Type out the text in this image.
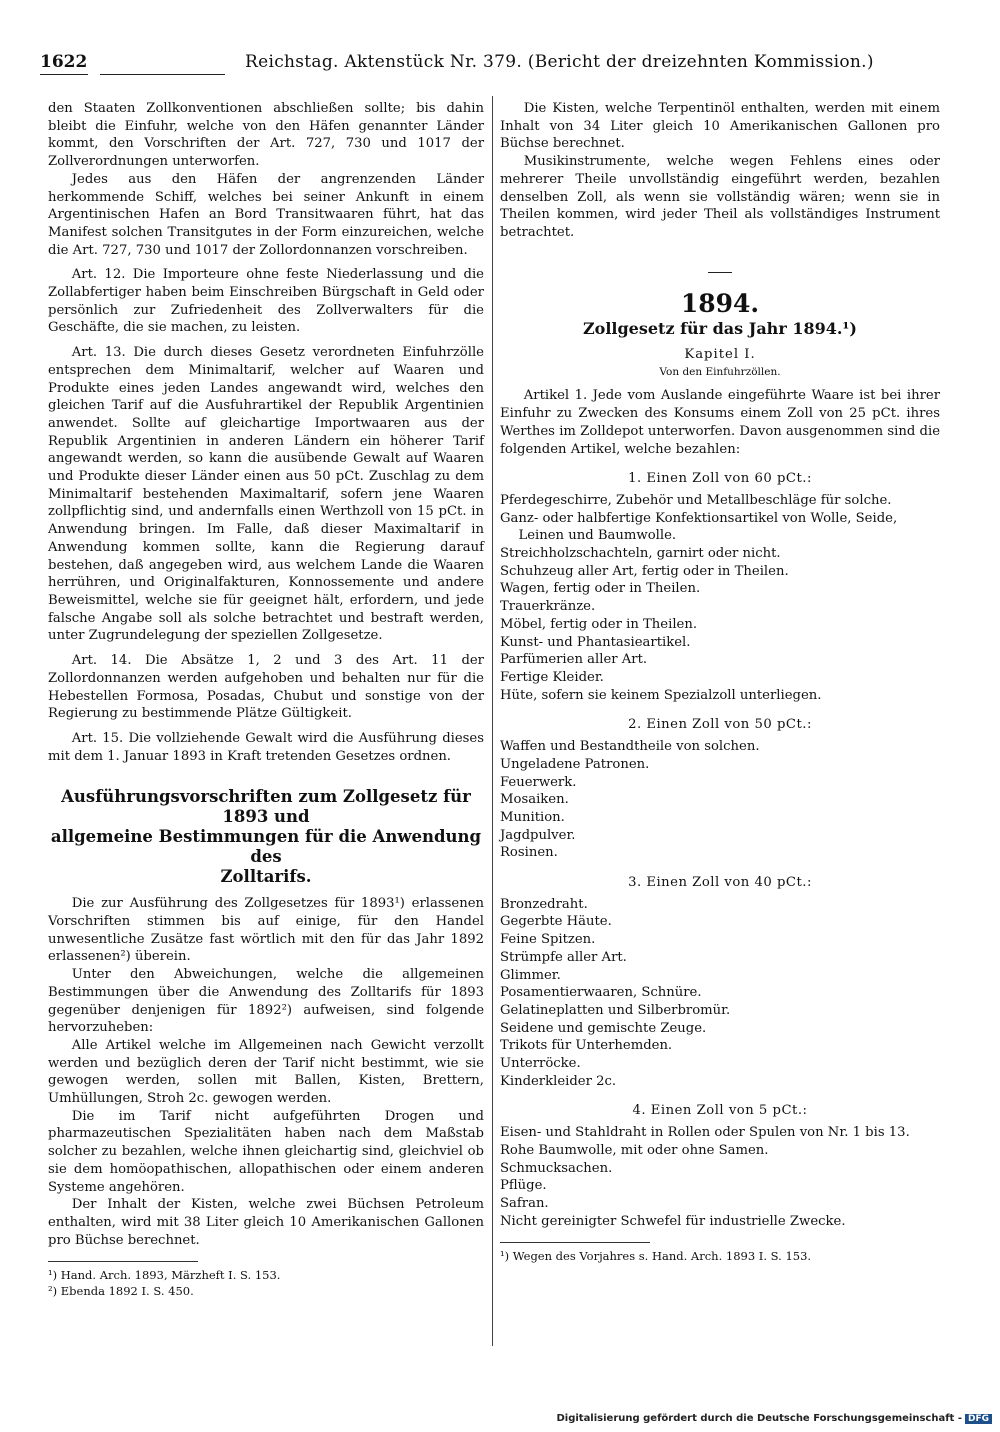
1622	Reichstag. Aktenstück Nr. 379. (Bericht der dreizehnten Kommission.)

den Staaten Zollkonventionen abschließen sollte; bis dahin bleibt die Einfuhr, welche von den Häfen genannter Länder kommt, den Vorschriften der Art. 727, 730 und 1017 der Zollverordnungen unterworfen.

Jedes aus den Häfen der angrenzenden Länder herkommende Schiff, welches bei seiner Ankunft in einem Argentinischen Hafen an Bord Transitwaaren führt, hat das Manifest solchen Transitgutes in der Form einzureichen, welche die Art. 727, 730 und 1017 der Zollordonnanzen vorschreiben.

Art. 12. Die Importeure ohne feste Niederlassung und die Zollabfertiger haben beim Einschreiben Bürgschaft in Geld oder persönlich zur Zufriedenheit des Zollverwalters für die Geschäfte, die sie machen, zu leisten.

Art. 13. Die durch dieses Gesetz verordneten Einfuhrzölle entsprechen dem Minimaltarif, welcher auf Waaren und Produkte eines jeden Landes angewandt wird, welches den gleichen Tarif auf die Ausfuhrartikel der Republik Argentinien anwendet. Sollte auf gleichartige Importwaaren aus der Republik Argentinien in anderen Ländern ein höherer Tarif angewandt werden, so kann die ausübende Gewalt auf Waaren und Produkte dieser Länder einen aus 50 pCt. Zuschlag zu dem Minimaltarif bestehenden Maximaltarif, sofern jene Waaren zollpflichtig sind, und andernfalls einen Werthzoll von 15 pCt. in Anwendung bringen. Im Falle, daß dieser Maximaltarif in Anwendung kommen sollte, kann die Regierung darauf bestehen, daß angegeben wird, aus welchem Lande die Waaren herrühren, und Originalfakturen, Konnossemente und andere Beweismittel, welche sie für geeignet hält, erfordern, und jede falsche Angabe soll als solche betrachtet und bestraft werden, unter Zugrundelegung der speziellen Zollgesetze.

Art. 14. Die Absätze 1, 2 und 3 des Art. 11 der Zollordonnanzen werden aufgehoben und behalten nur für die Hebestellen Formosa, Posadas, Chubut und sonstige von der Regierung zu bestimmende Plätze Gültigkeit.

Art. 15. Die vollziehende Gewalt wird die Ausführung dieses mit dem 1. Januar 1893 in Kraft tretenden Gesetzes ordnen.

Ausführungsvorschriften zum Zollgesetz für 1893 und
allgemeine Bestimmungen für die Anwendung des
Zolltarifs.

Die zur Ausführung des Zollgesetzes für 1893¹) erlassenen Vorschriften stimmen bis auf einige, für den Handel unwesentliche Zusätze fast wörtlich mit den für das Jahr 1892 erlassenen²) überein.

Unter den Abweichungen, welche die allgemeinen Bestimmungen über die Anwendung des Zolltarifs für 1893 gegenüber denjenigen für 1892²) aufweisen, sind folgende hervorzuheben:

Alle Artikel welche im Allgemeinen nach Gewicht verzollt werden und bezüglich deren der Tarif nicht bestimmt, wie sie gewogen werden, sollen mit Ballen, Kisten, Brettern, Umhüllungen, Stroh 2c. gewogen werden.

Die im Tarif nicht aufgeführten Drogen und pharmazeutischen Spezialitäten haben nach dem Maßstab solcher zu bezahlen, welche ihnen gleichartig sind, gleichviel ob sie dem homöopathischen, allopathischen oder einem anderen Systeme angehören.

Der Inhalt der Kisten, welche zwei Büchsen Petroleum enthalten, wird mit 38 Liter gleich 10 Amerikanischen Gallonen pro Büchse berechnet.

¹) Hand. Arch. 1893, Märzheft I. S. 153.

²) Ebenda 1892 I. S. 450.

Die Kisten, welche Terpentinöl enthalten, werden mit einem Inhalt von 34 Liter gleich 10 Amerikanischen Gallonen pro Büchse berechnet.

Musikinstrumente, welche wegen Fehlens eines oder mehrerer Theile unvollständig eingeführt werden, bezahlen denselben Zoll, als wenn sie vollständig wären; wenn sie in Theilen kommen, wird jeder Theil als vollständiges Instrument betrachtet.

1894.

Zollgesetz für das Jahr 1894.¹)

Kapitel I.

Von den Einfuhrzöllen.

Artikel 1. Jede vom Auslande eingeführte Waare ist bei ihrer Einfuhr zu Zwecken des Konsums einem Zoll von 25 pCt. ihres Werthes im Zolldepot unterworfen. Davon ausgenommen sind die folgenden Artikel, welche bezahlen:

1. Einen Zoll von 60 pCt.:

Pferdegeschirre, Zubehör und Metallbeschläge für solche.

Ganz- oder halbfertige Konfektionsartikel von Wolle, Seide, Leinen und Baumwolle.

Streichholzschachteln, garnirt oder nicht.

Schuhzeug aller Art, fertig oder in Theilen.

Wagen, fertig oder in Theilen.

Trauerkränze.

Möbel, fertig oder in Theilen.

Kunst- und Phantasieartikel.

Parfümerien aller Art.

Fertige Kleider.

Hüte, sofern sie keinem Spezialzoll unterliegen.

2. Einen Zoll von 50 pCt.:

Waffen und Bestandtheile von solchen.

Ungeladene Patronen.

Feuerwerk.

Mosaiken.

Munition.

Jagdpulver.

Rosinen.

3. Einen Zoll von 40 pCt.:

Bronzedraht.

Gegerbte Häute.

Feine Spitzen.

Strümpfe aller Art.

Glimmer.

Posamentierwaaren, Schnüre.

Gelatineplatten und Silberbromür.

Seidene und gemischte Zeuge.

Trikots für Unterhemden.

Unterröcke.

Kinderkleider 2c.

4. Einen Zoll von 5 pCt.:

Eisen- und Stahldraht in Rollen oder Spulen von Nr. 1 bis 13.

Rohe Baumwolle, mit oder ohne Samen.

Schmucksachen.

Pflüge.

Safran.

Nicht gereinigter Schwefel für industrielle Zwecke.

¹) Wegen des Vorjahres s. Hand. Arch. 1893 I. S. 153.

Digitalisierung gefördert durch die Deutsche Forschungsgemeinschaft - DFG
